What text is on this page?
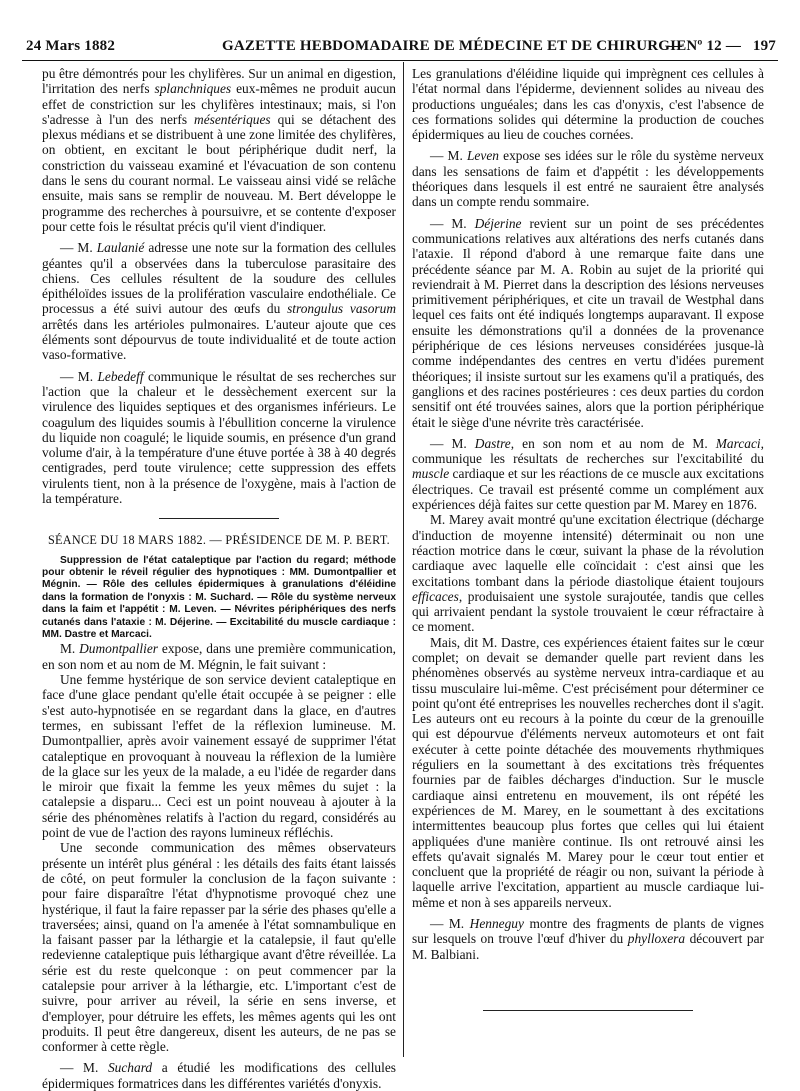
24 Mars 1882	GAZETTE HEBDOMADAIRE DE MÉDECINE ET DE CHIRURGIE
— Nº 12 — 197

pu être démontrés pour les chylifères. Sur un animal en digestion, l'irritation des nerfs splanchniques eux-mêmes ne produit aucun effet de constriction sur les chylifères intestinaux; mais, si l'on s'adresse à l'un des nerfs mésentériques qui se détachent des plexus médians et se distribuent à une zone limitée des chylifères, on obtient, en excitant le bout périphérique dudit nerf, la constriction du vaisseau examiné et l'évacuation de son contenu dans le sens du courant normal. Le vaisseau ainsi vidé se relâche ensuite, mais sans se remplir de nouveau. M. Bert développe le programme des recherches à poursuivre, et se contente d'exposer pour cette fois le résultat précis qu'il vient d'indiquer.

— M. Laulanié adresse une note sur la formation des cellules géantes qu'il a observées dans la tuberculose parasitaire des chiens. Ces cellules résultent de la soudure des cellules épithéloïdes issues de la prolifération vasculaire endothéliale. Ce processus a été suivi autour des œufs du strongulus vasorum arrêtés dans les artérioles pulmonaires. L'auteur ajoute que ces éléments sont dépourvus de toute individualité et de toute action vaso-formative.

— M. Lebedeff communique le résultat de ses recherches sur l'action que la chaleur et le dessèchement exercent sur la virulence des liquides septiques et des organismes inférieurs. Le coagulum des liquides soumis à l'ébullition concerne la virulence du liquide non coagulé; le liquide soumis, en présence d'un grand volume d'air, à la température d'une étuve portée à 38 à 40 degrés centigrades, perd toute virulence; cette suppression des effets virulents tient, non à la présence de l'oxygène, mais à l'action de la température.

SÉANCE DU 18 MARS 1882. — PRÉSIDENCE DE M. P. BERT.

Suppression de l'état cataleptique par l'action du regard; méthode pour obtenir le réveil régulier des hypnotiques : MM. Dumontpallier et Mégnin. — Rôle des cellules épidermiques à granulations d'éléidine dans la formation de l'onyxis : M. Suchard. — Rôle du système nerveux dans la faim et l'appétit : M. Leven. — Névrites périphériques des nerfs cutanés dans l'ataxie : M. Déjerine. — Excitabilité du muscle cardiaque : MM. Dastre et Marcaci.

M. Dumontpallier expose, dans une première communication, en son nom et au nom de M. Mégnin, le fait suivant :

Une femme hystérique de son service devient cataleptique en face d'une glace pendant qu'elle était occupée à se peigner : elle s'est auto-hypnotisée en se regardant dans la glace, en d'autres termes, en subissant l'effet de la réflexion lumineuse. M. Dumontpallier, après avoir vainement essayé de supprimer l'état cataleptique en provoquant à nouveau la réflexion de la lumière de la glace sur les yeux de la malade, a eu l'idée de regarder dans le miroir que fixait la femme les yeux mêmes du sujet : la catalepsie a disparu... Ceci est un point nouveau à ajouter à la série des phénomènes relatifs à l'action du regard, considérés au point de vue de l'action des rayons lumineux réfléchis.

Une seconde communication des mêmes observateurs présente un intérêt plus général : les détails des faits étant laissés de côté, on peut formuler la conclusion de la façon suivante : pour faire disparaître l'état d'hypnotisme provoqué chez une hystérique, il faut la faire repasser par la série des phases qu'elle a traversées; ainsi, quand on l'a amenée à l'état somnambulique en la faisant passer par la léthargie et la catalepsie, il faut qu'elle redevienne cataleptique puis léthargique avant d'être réveillée. La série est du reste quelconque : on peut commencer par la catalepsie pour arriver à la léthargie, etc. L'important c'est de suivre, pour arriver au réveil, la série en sens inverse, et d'employer, pour détruire les effets, les mêmes agents qui les ont produits. Il peut être dangereux, disent les auteurs, de ne pas se conformer à cette règle.

— M. Suchard a étudié les modifications des cellules épidermiques formatrices dans les différentes variétés d'onyxis.

Les granulations d'éléidine liquide qui imprègnent ces cellules à l'état normal dans l'épiderme, deviennent solides au niveau des productions unguéales; dans les cas d'onyxis, c'est l'absence de ces formations solides qui détermine la production de couches épidermiques au lieu de couches cornées.

— M. Leven expose ses idées sur le rôle du système nerveux dans les sensations de faim et d'appétit : les développements théoriques dans lesquels il est entré ne sauraient être analysés dans un compte rendu sommaire.

— M. Déjerine revient sur un point de ses précédentes communications relatives aux altérations des nerfs cutanés dans l'ataxie. Il répond d'abord à une remarque faite dans une précédente séance par M. A. Robin au sujet de la priorité qui reviendrait à M. Pierret dans la description des lésions nerveuses primitivement périphériques, et cite un travail de Westphal dans lequel ces faits ont été indiqués longtemps auparavant. Il expose ensuite les démonstrations qu'il a données de la provenance périphérique de ces lésions nerveuses considérées jusque-là comme indépendantes des centres en vertu d'idées purement théoriques; il insiste surtout sur les examens qu'il a pratiqués, des ganglions et des racines postérieures : ces deux parties du cordon sensitif ont été trouvées saines, alors que la portion périphérique était le siège d'une névrite très caractérisée.

— M. Dastre, en son nom et au nom de M. Marcaci, communique les résultats de recherches sur l'excitabilité du muscle cardiaque et sur les réactions de ce muscle aux excitations électriques. Ce travail est présenté comme un complément aux expériences déjà faites sur cette question par M. Marey en 1876.

M. Marey avait montré qu'une excitation électrique (décharge d'induction de moyenne intensité) déterminait ou non une réaction motrice dans le cœur, suivant la phase de la révolution cardiaque avec laquelle elle coïncidait : c'est ainsi que les excitations tombant dans la période diastolique étaient toujours efficaces, produisaient une systole surajoutée, tandis que celles qui arrivaient pendant la systole trouvaient le cœur réfractaire à ce moment.

Mais, dit M. Dastre, ces expériences étaient faites sur le cœur complet; on devait se demander quelle part revient dans les phénomènes observés au système nerveux intra-cardiaque et au tissu musculaire lui-même. C'est précisément pour déterminer ce point qu'ont été entreprises les nouvelles recherches dont il s'agit. Les auteurs ont eu recours à la pointe du cœur de la grenouille qui est dépourvue d'éléments nerveux automoteurs et ont fait exécuter à cette pointe détachée des mouvements rhythmiques réguliers en la soumettant à des excitations très fréquentes fournies par de faibles décharges d'induction. Sur le muscle cardiaque ainsi entretenu en mouvement, ils ont répété les expériences de M. Marey, en le soumettant à des excitations intermittentes beaucoup plus fortes que celles qui lui étaient appliquées d'une manière continue. Ils ont retrouvé ainsi les effets qu'avait signalés M. Marey pour le cœur tout entier et concluent que la propriété de réagir ou non, suivant la période à laquelle arrive l'excitation, appartient au muscle cardiaque lui-même et non à ses appareils nerveux.

— M. Henneguy montre des fragments de plants de vignes sur lesquels on trouve l'œuf d'hiver du phylloxera découvert par M. Balbiani.
